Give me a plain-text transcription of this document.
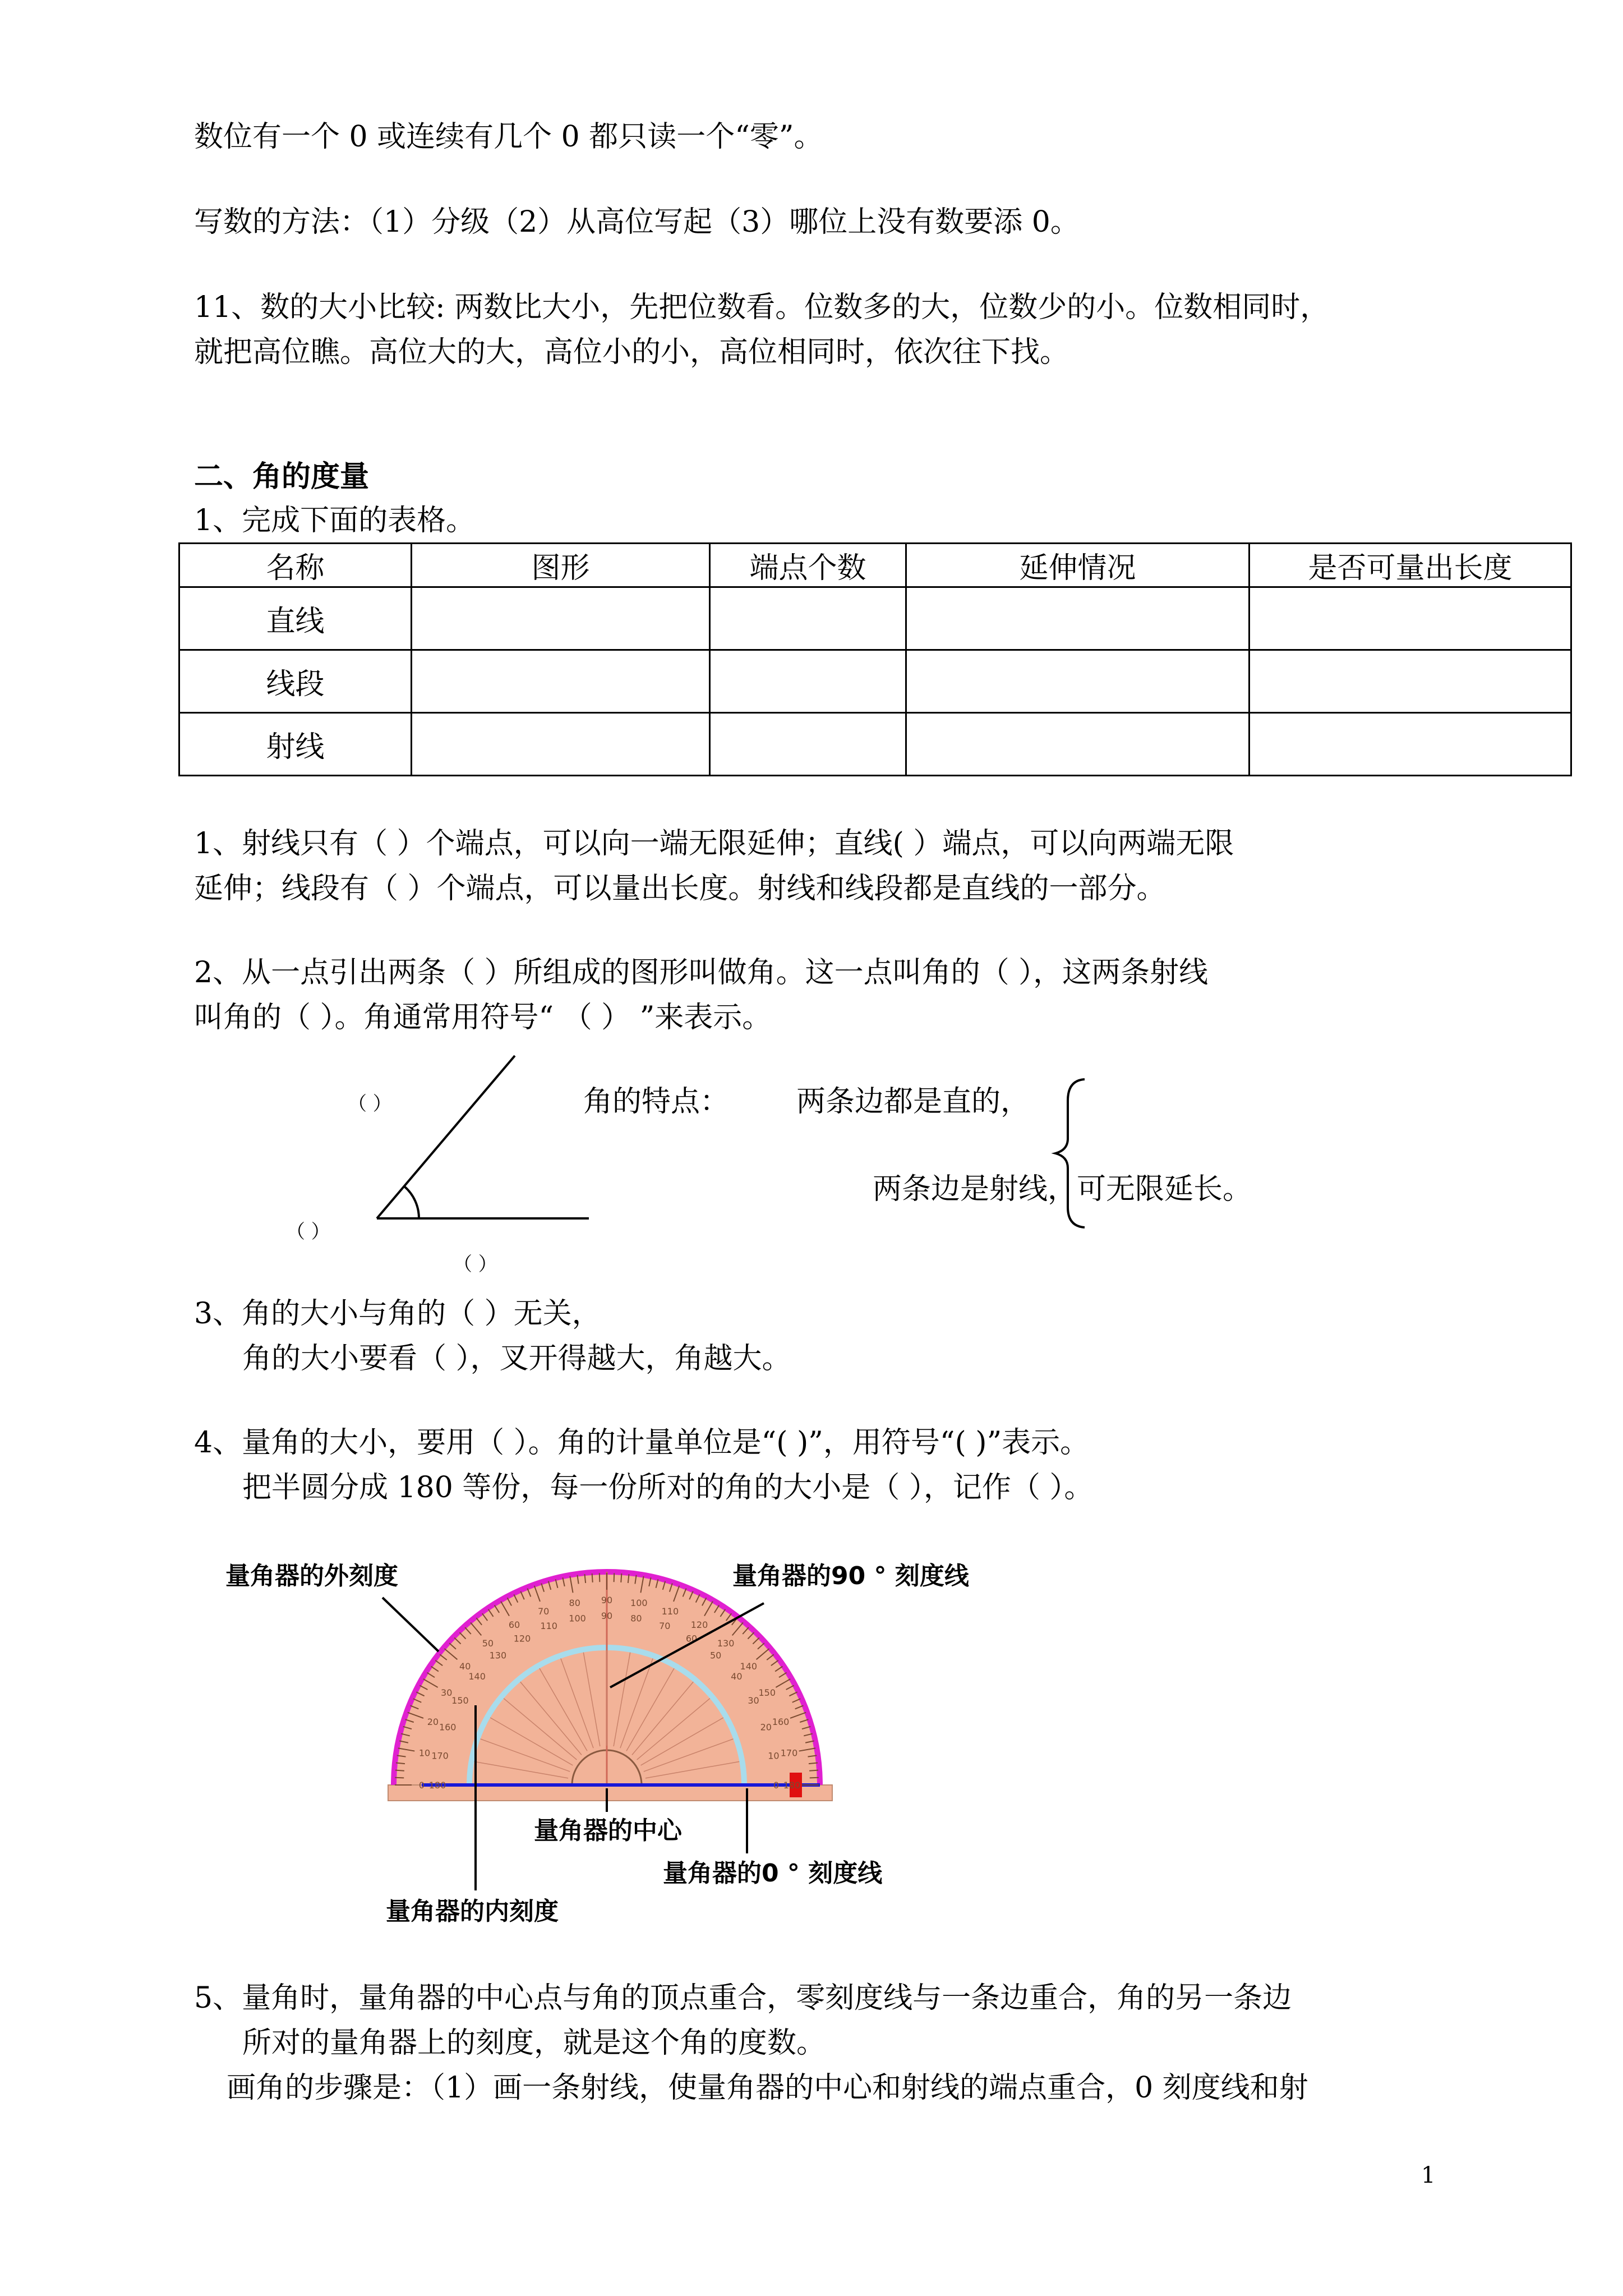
数位有一个 0 或连续有几个 0 都只读一个“零”。
写数的方法：（1）分级（2）从高位写起（3）哪位上没有数要添 0。
11、数的大小比较: 两数比大小，先把位数看。位数多的大，位数少的小。位数相同时，
就把高位瞧。高位大的大，高位小的小，高位相同时，依次往下找。
二、角的度量
1、完成下面的表格。
名称	图形	端点个数	延伸情况	是否可量出长度
直线				
线段				
射线				
1、射线只有（ ）个端点，可以向一端无限延伸；直线( ）端点，可以向两端无限
延伸；线段有（ ）个端点，可以量出长度。射线和线段都是直线的一部分。
2、从一点引出两条（ ）所组成的图形叫做角。这一点叫角的（ ），这两条射线
叫角的（ ）。角通常用符号“ （ ） ”来表示。
（ ）
（ ）
（ ）
角的特点： 两条边都是直的，
两条边是射线，可无限延长。
3、角的大小与角的（ ）无关，
角的大小要看（ ），叉开得越大，角越大。
4、量角的大小，要用（ ）。角的计量单位是“( )”，用符号“( )”表示。
把半圆分成 180 等份，每一份所对的角的大小是（ ），记作（ ）。
0 180
10 170
20
160
30
150
40
140
50
130
60
120
70
110
80
100
90
90
100
80
110
70 120
60 130
50
140
40
150
30
160
20
170
10
180
0
量角器的外刻度	量角器的90 ° 刻度线
量角器的中心
量角器的0 ° 刻度线
量角器的内刻度
5、量角时，量角器的中心点与角的顶点重合，零刻度线与一条边重合，角的另一条边
所对的量角器上的刻度，就是这个角的度数。
画角的步骤是：（1）画一条射线，使量角器的中心和射线的端点重合，0 刻度线和射
1
